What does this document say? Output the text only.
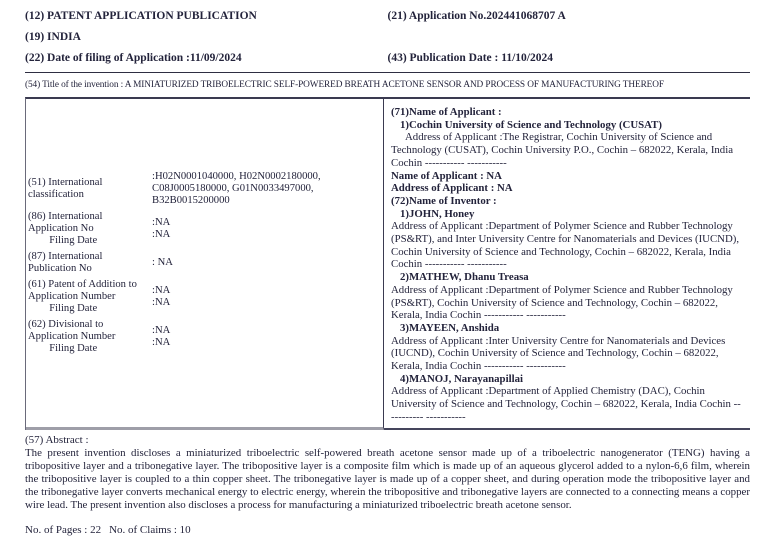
(12) PATENT APPLICATION PUBLICATION	(21) Application No.202441068707 A
(19) INDIA
(22) Date of filing of Application :11/09/2024	(43) Publication Date : 11/10/2024
(54) Title of the invention : A MINIATURIZED TRIBOELECTRIC SELF-POWERED BREATH ACETONE SENSOR AND PROCESS OF MANUFACTURING THEREOF
(51) International
classification
:H02N0001040000, H02N0002180000,
C08J0005180000, G01N0033497000,
B32B0015200000
(86) International
Application No
Filing Date
:NA
:NA
(87) International
Publication No
: NA
(61) Patent of Addition to
Application Number
Filing Date
:NA
:NA
(62) Divisional to
Application Number
Filing Date
:NA
:NA

(71)Name of Applicant :

1)Cochin University of Science and Technology (CUSAT)

Address of Applicant :The Registrar, Cochin University of Science and Technology (CUSAT), Cochin University P.O., Cochin – 682022, Kerala, India Cochin ----------- -----------

Name of Applicant : NA

Address of Applicant : NA

(72)Name of Inventor :

1)JOHN, Honey

Address of Applicant :Department of Polymer Science and Rubber Technology (PS&RT), and Inter University Centre for Nanomaterials and Devices (IUCND), Cochin University of Science and Technology, Cochin – 682022, Kerala, India Cochin ----------- -----------

2)MATHEW, Dhanu Treasa

Address of Applicant :Department of Polymer Science and Rubber Technology (PS&RT), Cochin University of Science and Technology, Cochin – 682022, Kerala, India Cochin ----------- -----------

3)MAYEEN, Anshida

Address of Applicant :Inter University Centre for Nanomaterials and Devices (IUCND), Cochin University of Science and Technology, Cochin – 682022, Kerala, India Cochin ----------- -----------

4)MANOJ, Narayanapillai

Address of Applicant :Department of Applied Chemistry (DAC), Cochin University of Science and Technology, Cochin – 682022, Kerala, India Cochin ----------- -----------

(57) Abstract :
The present invention discloses a miniaturized triboelectric self-powered breath acetone sensor made up of a triboelectric nanogenerator (TENG) having a tribopositive layer and a tribonegative layer. The tribopositive layer is a composite film which is made up of an aqueous glycerol added to a nylon-6,6 film, wherein the tribopositive layer is coupled to a thin copper sheet. The tribonegative layer is made up of a copper sheet, and during operation mode the tribopositive layer and the tribonegative layer converts mechanical energy to electric energy, wherein the tribopositive and tribonegative layers are connected to a connecting means a copper wire lead. The present invention also discloses a process for manufacturing a miniaturized triboelectric breath acetone sensor.
No. of Pages : 22 No. of Claims : 10
